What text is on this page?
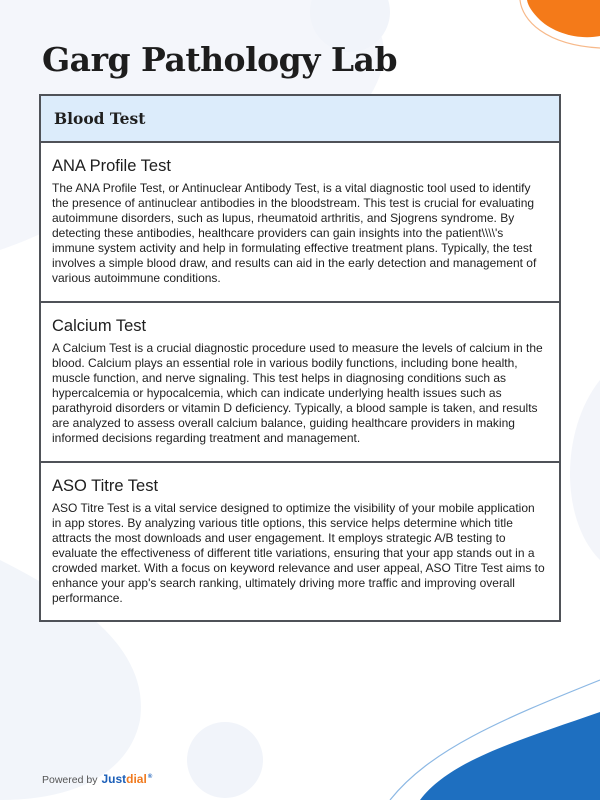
Garg Pathology Lab
Blood Test
ANA Profile Test

The ANA Profile Test, or Antinuclear Antibody Test, is a vital diagnostic tool used to identify the presence of antinuclear antibodies in the bloodstream. This test is crucial for evaluating autoimmune disorders, such as lupus, rheumatoid arthritis, and Sjogrens syndrome. By detecting these antibodies, healthcare providers can gain insights into the patient\\\\'s immune system activity and help in formulating effective treatment plans. Typically, the test involves a simple blood draw, and results can aid in the early detection and management of various autoimmune conditions.

Calcium Test

A Calcium Test is a crucial diagnostic procedure used to measure the levels of calcium in the blood. Calcium plays an essential role in various bodily functions, including bone health, muscle function, and nerve signaling. This test helps in diagnosing conditions such as hypercalcemia or hypocalcemia, which can indicate underlying health issues such as parathyroid disorders or vitamin D deficiency. Typically, a blood sample is taken, and results are analyzed to assess overall calcium balance, guiding healthcare providers in making informed decisions regarding treatment and management.

ASO Titre Test

ASO Titre Test is a vital service designed to optimize the visibility of your mobile application in app stores. By analyzing various title options, this service helps determine which title attracts the most downloads and user engagement. It employs strategic A/B testing to evaluate the effectiveness of different title variations, ensuring that your app stands out in a crowded market. With a focus on keyword relevance and user appeal, ASO Titre Test aims to enhance your app's search ranking, ultimately driving more traffic and improving overall performance.

Powered by Justdial®
